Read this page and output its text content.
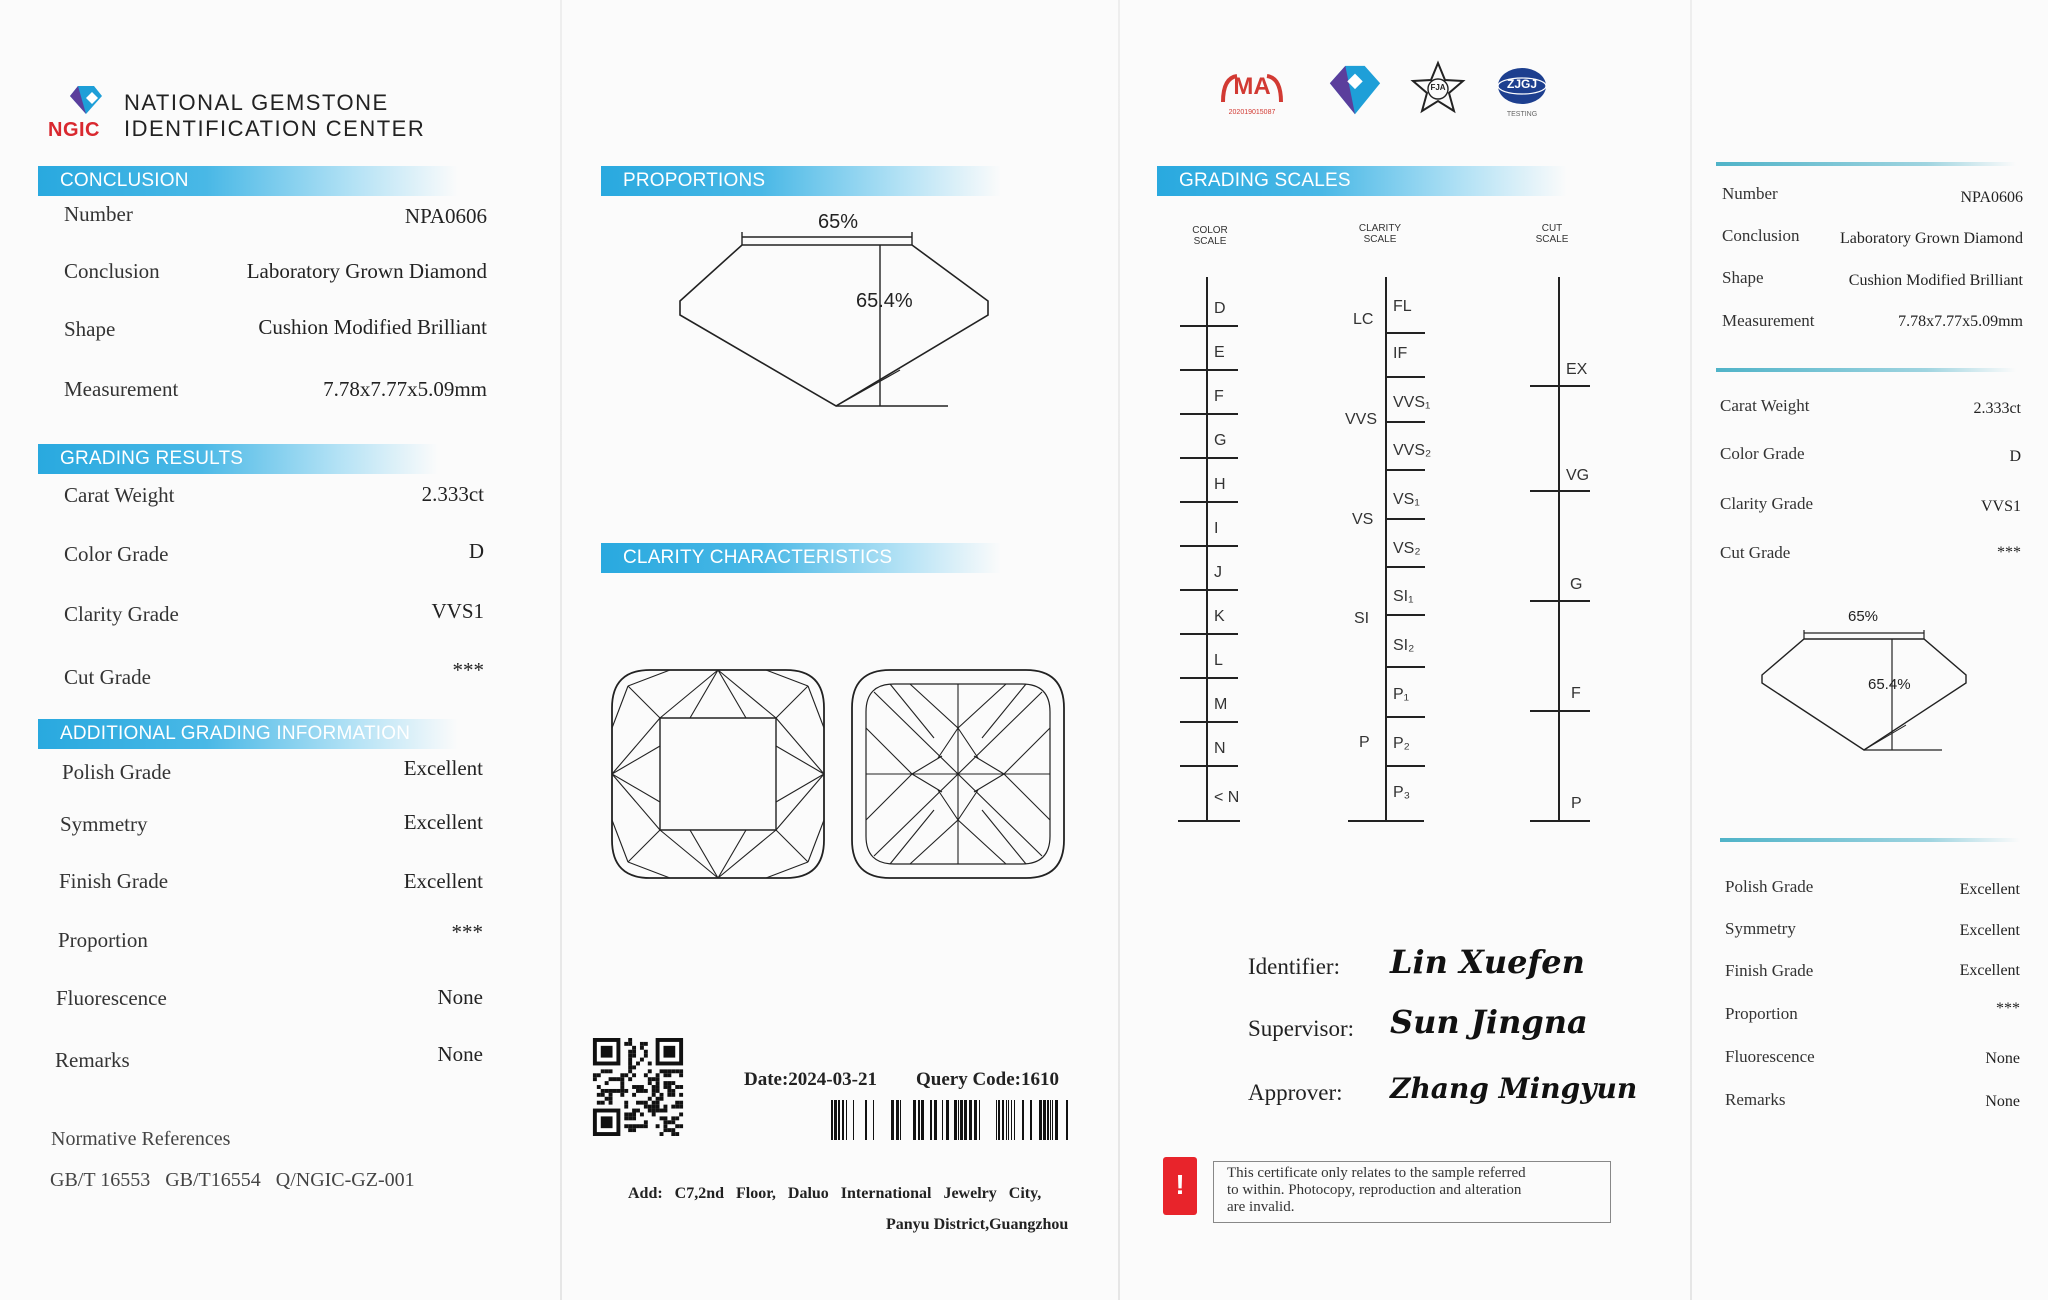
NGIC
NATIONAL GEMSTONE
IDENTIFICATION CENTER
CONCLUSION
Number	NPA0606
Conclusion	Laboratory Grown Diamond
Shape	Cushion Modified Brilliant
Measurement	7.78x7.77x5.09mm
GRADING RESULTS
Carat Weight	2.333ct
Color Grade	D
Clarity Grade	VVS1
Cut Grade	***
ADDITIONAL GRADING INFORMATION
Polish Grade	Excellent
Symmetry	Excellent
Finish Grade	Excellent
Proportion	***
Fluorescence	None
Remarks	None
Normative References
GB/T 16553   GB/T16554   Q/NGIC-GZ-001
PROPORTIONS
65%
65.4%
CLARITY CHARACTERISTICS
Date:2024-03-21 Query Code:1610
Add: C7,2nd Floor, Daluo International Jewelry City,
Panyu District,Guangzhou
MA
202019015087
FJA	ZJGJ
TESTING
GRADING SCALES
COLOR
SCALE
CLARITY
SCALE
CUT
SCALE
D
E
F
G
H
I
J
K
L
M
N
< N
LC
VVS
VS
SI
P
FL
IF
VVS₁
VVS₂
VS₁
VS₂
SI₁
SI₂
P₁
P₂
P₃
EX
VG
G
F
P
Identifier: Lin Xuefen
Supervisor: Sun Jingna
Approver: Zhang Mingyun
!	This certificate only relates to the sample referred
to within. Photocopy, reproduction and alteration
are invalid.
Number	NPA0606
Conclusion	Laboratory Grown Diamond
Shape	Cushion Modified Brilliant
Measurement	7.78x7.77x5.09mm
Carat Weight	2.333ct
Color Grade	D
Clarity Grade	VVS1
Cut Grade	***
65%
65.4%
Polish Grade	Excellent
Symmetry	Excellent
Finish Grade	Excellent
Proportion	***
Fluorescence	None
Remarks	None
